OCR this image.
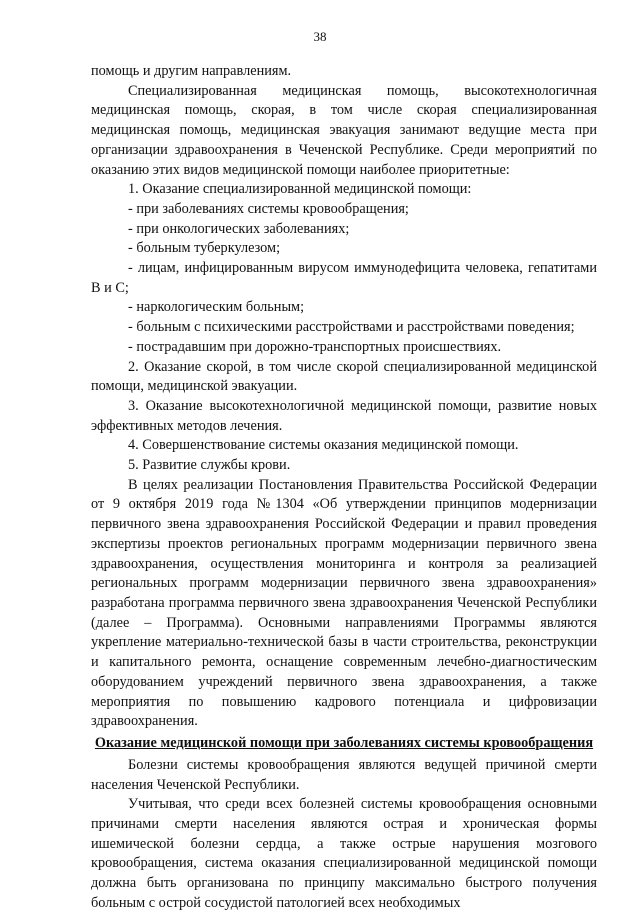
38

помощь и другим направлениям.

Специализированная медицинская помощь, высокотехнологичная медицинская помощь, скорая, в том числе скорая специализированная медицинская помощь, медицинская эвакуация занимают ведущие места при организации здравоохранения в Чеченской Республике. Среди мероприятий по оказанию этих видов медицинской помощи наиболее приоритетные:

1. Оказание специализированной медицинской помощи:

- при заболеваниях системы кровообращения;

- при онкологических заболеваниях;

- больным туберкулезом;

- лицам, инфицированным вирусом иммунодефицита человека, гепатитами В и С;

- наркологическим больным;

- больным с психическими расстройствами и расстройствами поведения;

- пострадавшим при дорожно-транспортных происшествиях.

2. Оказание скорой, в том числе скорой специализированной медицинской помощи, медицинской эвакуации.

3. Оказание высокотехнологичной медицинской помощи, развитие новых эффективных методов лечения.

4. Совершенствование системы оказания медицинской помощи.

5. Развитие службы крови.

В целях реализации Постановления Правительства Российской Федерации от 9 октября 2019 года №1304 «Об утверждении принципов модернизации первичного звена здравоохранения Российской Федерации и правил проведения экспертизы проектов региональных программ модернизации первичного звена здравоохранения, осуществления мониторинга и контроля за реализацией региональных программ модернизации первичного звена здравоохранения» разработана программа первичного звена здравоохранения Чеченской Республики (далее – Программа). Основными направлениями Программы являются укрепление материально-технической базы в части строительства, реконструкции и капитального ремонта, оснащение современным лечебно-диагностическим оборудованием учреждений первичного звена здравоохранения, а также мероприятия по повышению кадрового потенциала и цифровизации здравоохранения.

Оказание медицинской помощи при заболеваниях системы кровообращения

Болезни системы кровообращения являются ведущей причиной смерти населения Чеченской Республики.

Учитывая, что среди всех болезней системы кровообращения основными причинами смерти населения являются острая и хроническая формы ишемической болезни сердца, а также острые нарушения мозгового кровообращения, система оказания специализированной медицинской помощи должна быть организована по принципу максимально быстрого получения больным с острой сосудистой патологией всех необходимых
